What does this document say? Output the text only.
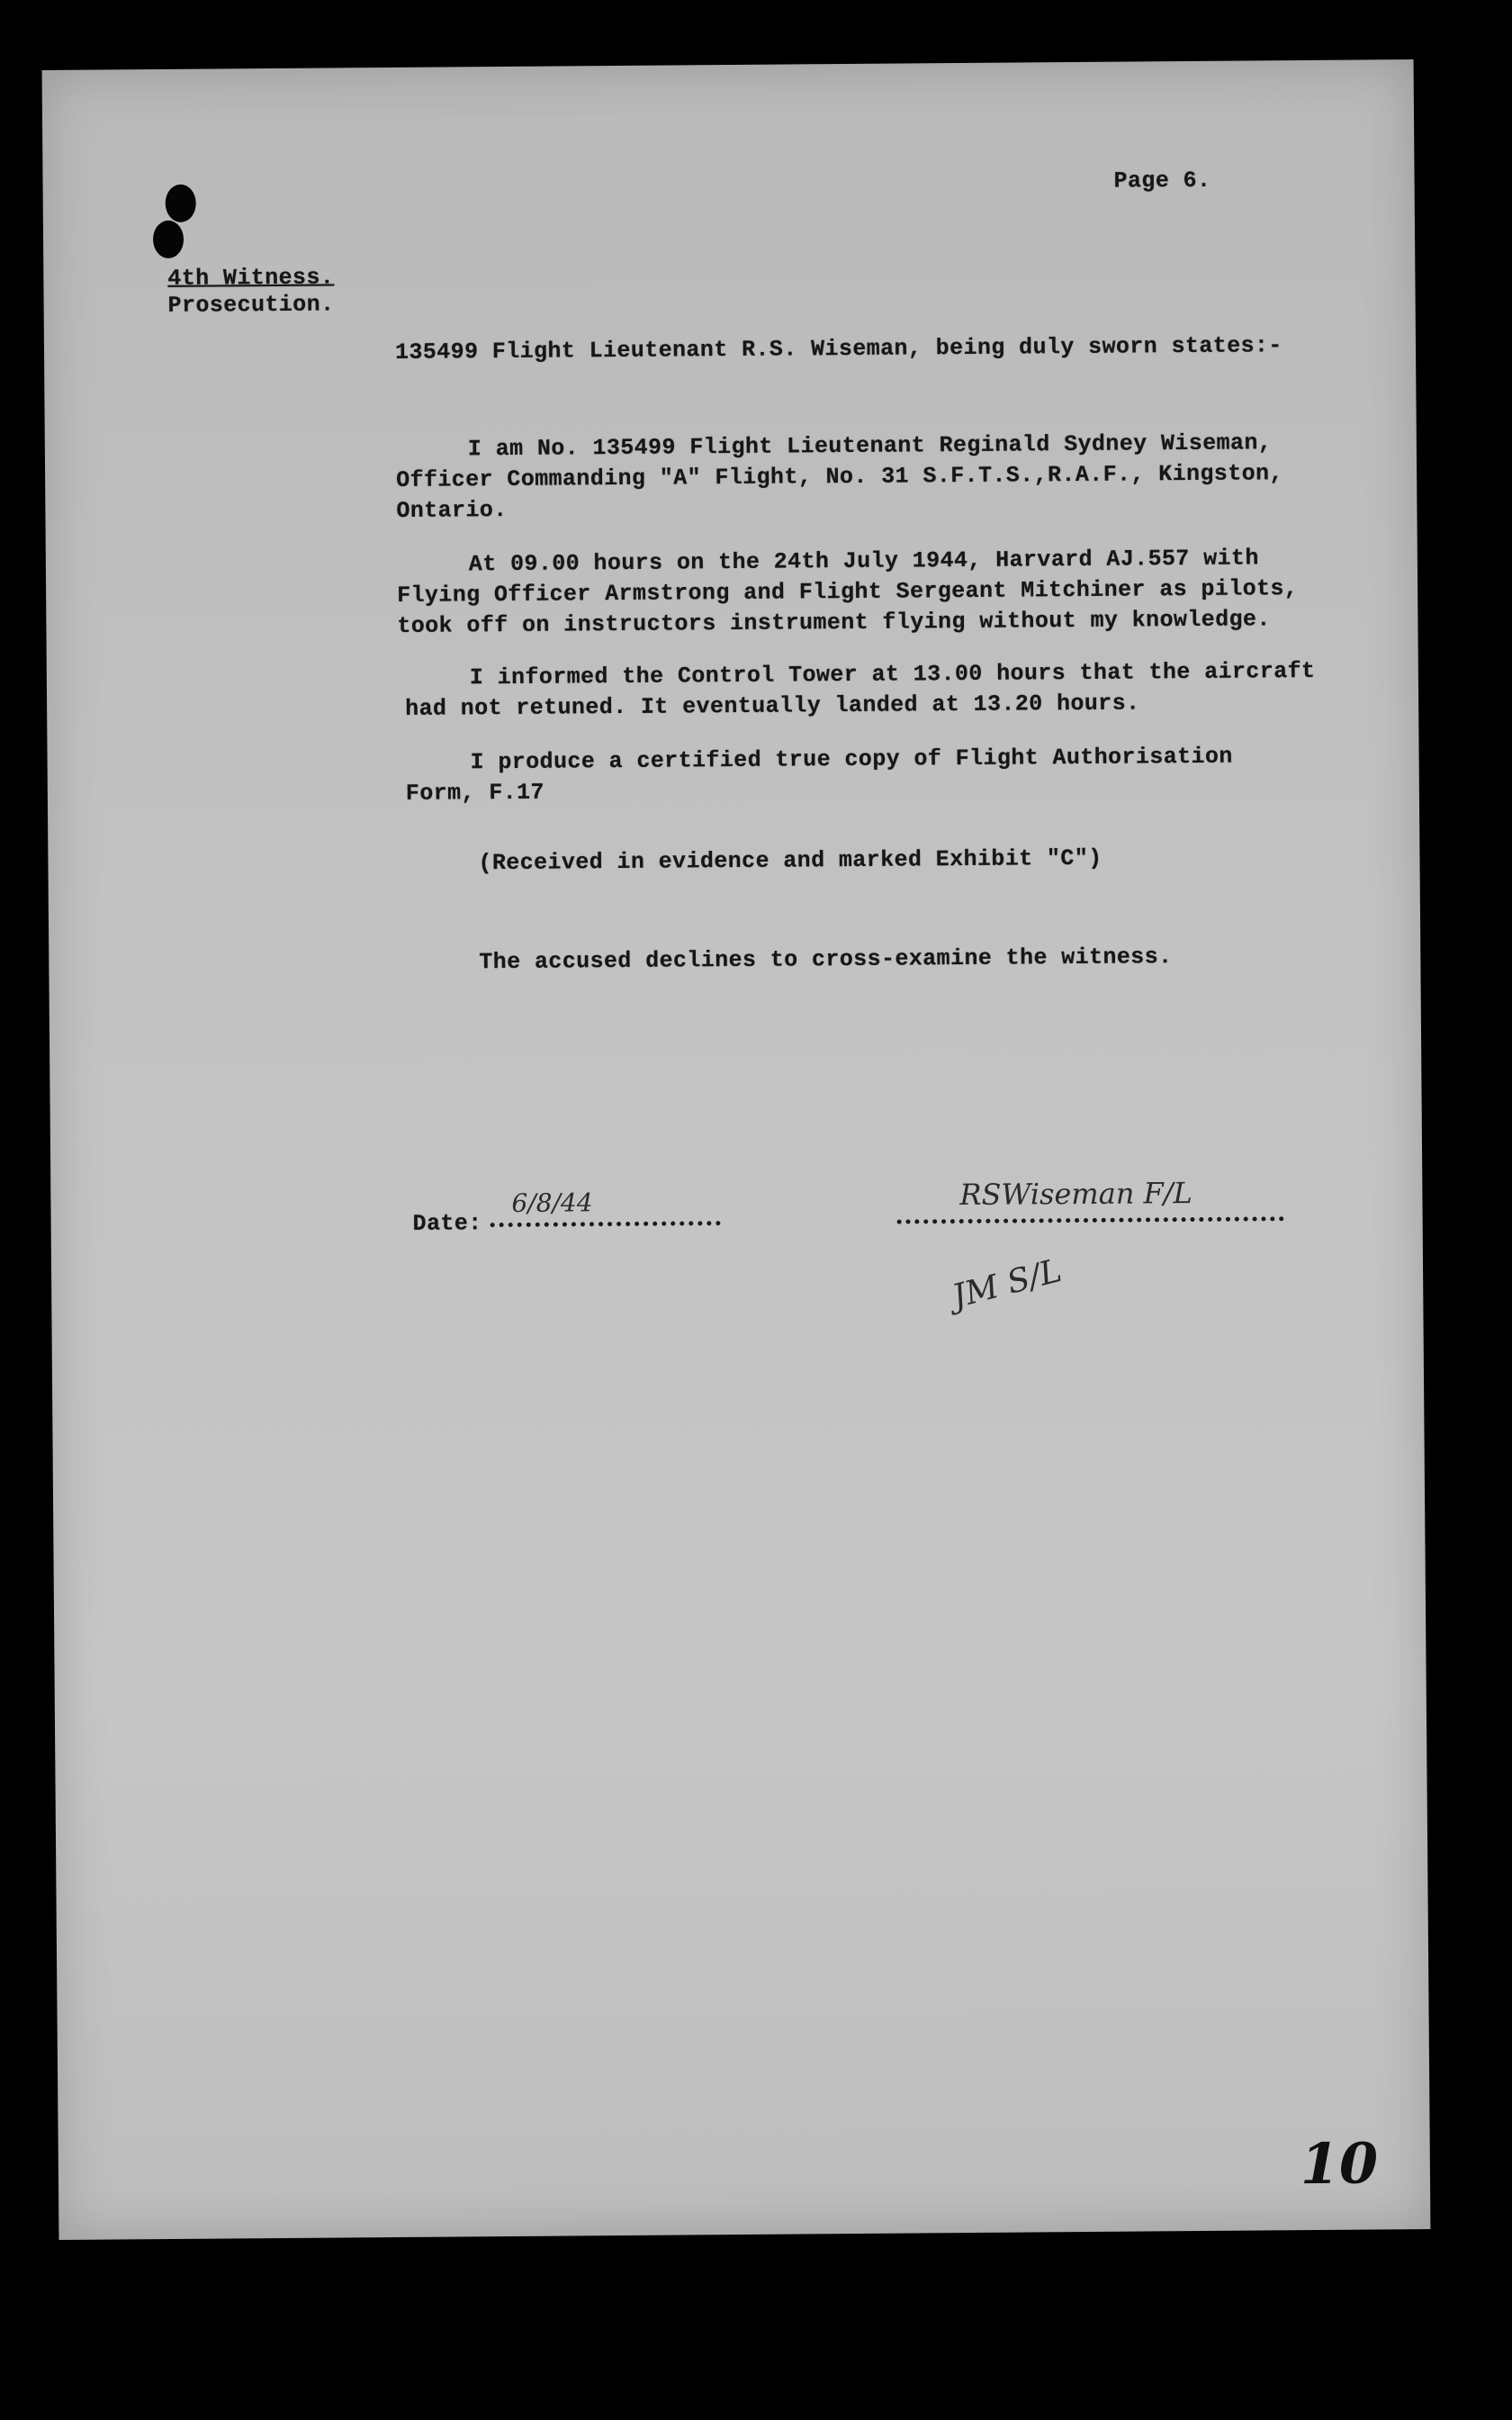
Page 6.
4th Witness.
Prosecution.
135499 Flight Lieutenant R.S. Wiseman, being duly sworn states:-
I am No. 135499 Flight Lieutenant Reginald Sydney Wiseman,
Officer Commanding "A" Flight, No. 31 S.F.T.S.,R.A.F., Kingston,
Ontario.
At 09.00 hours on the 24th July 1944, Harvard AJ.557 with
Flying Officer Armstrong and Flight Sergeant Mitchiner as pilots,
took off on instructors instrument flying without my knowledge.
I informed the Control Tower at 13.00 hours that the aircraft
had not retuned. It eventually landed at 13.20 hours.
I produce a certified true copy of Flight Authorisation
Form, F.17
(Received in evidence and marked Exhibit "C")
The accused declines to cross-examine the witness.
Date:
6/8/44	RSWiseman F/L
JM S/L
10
